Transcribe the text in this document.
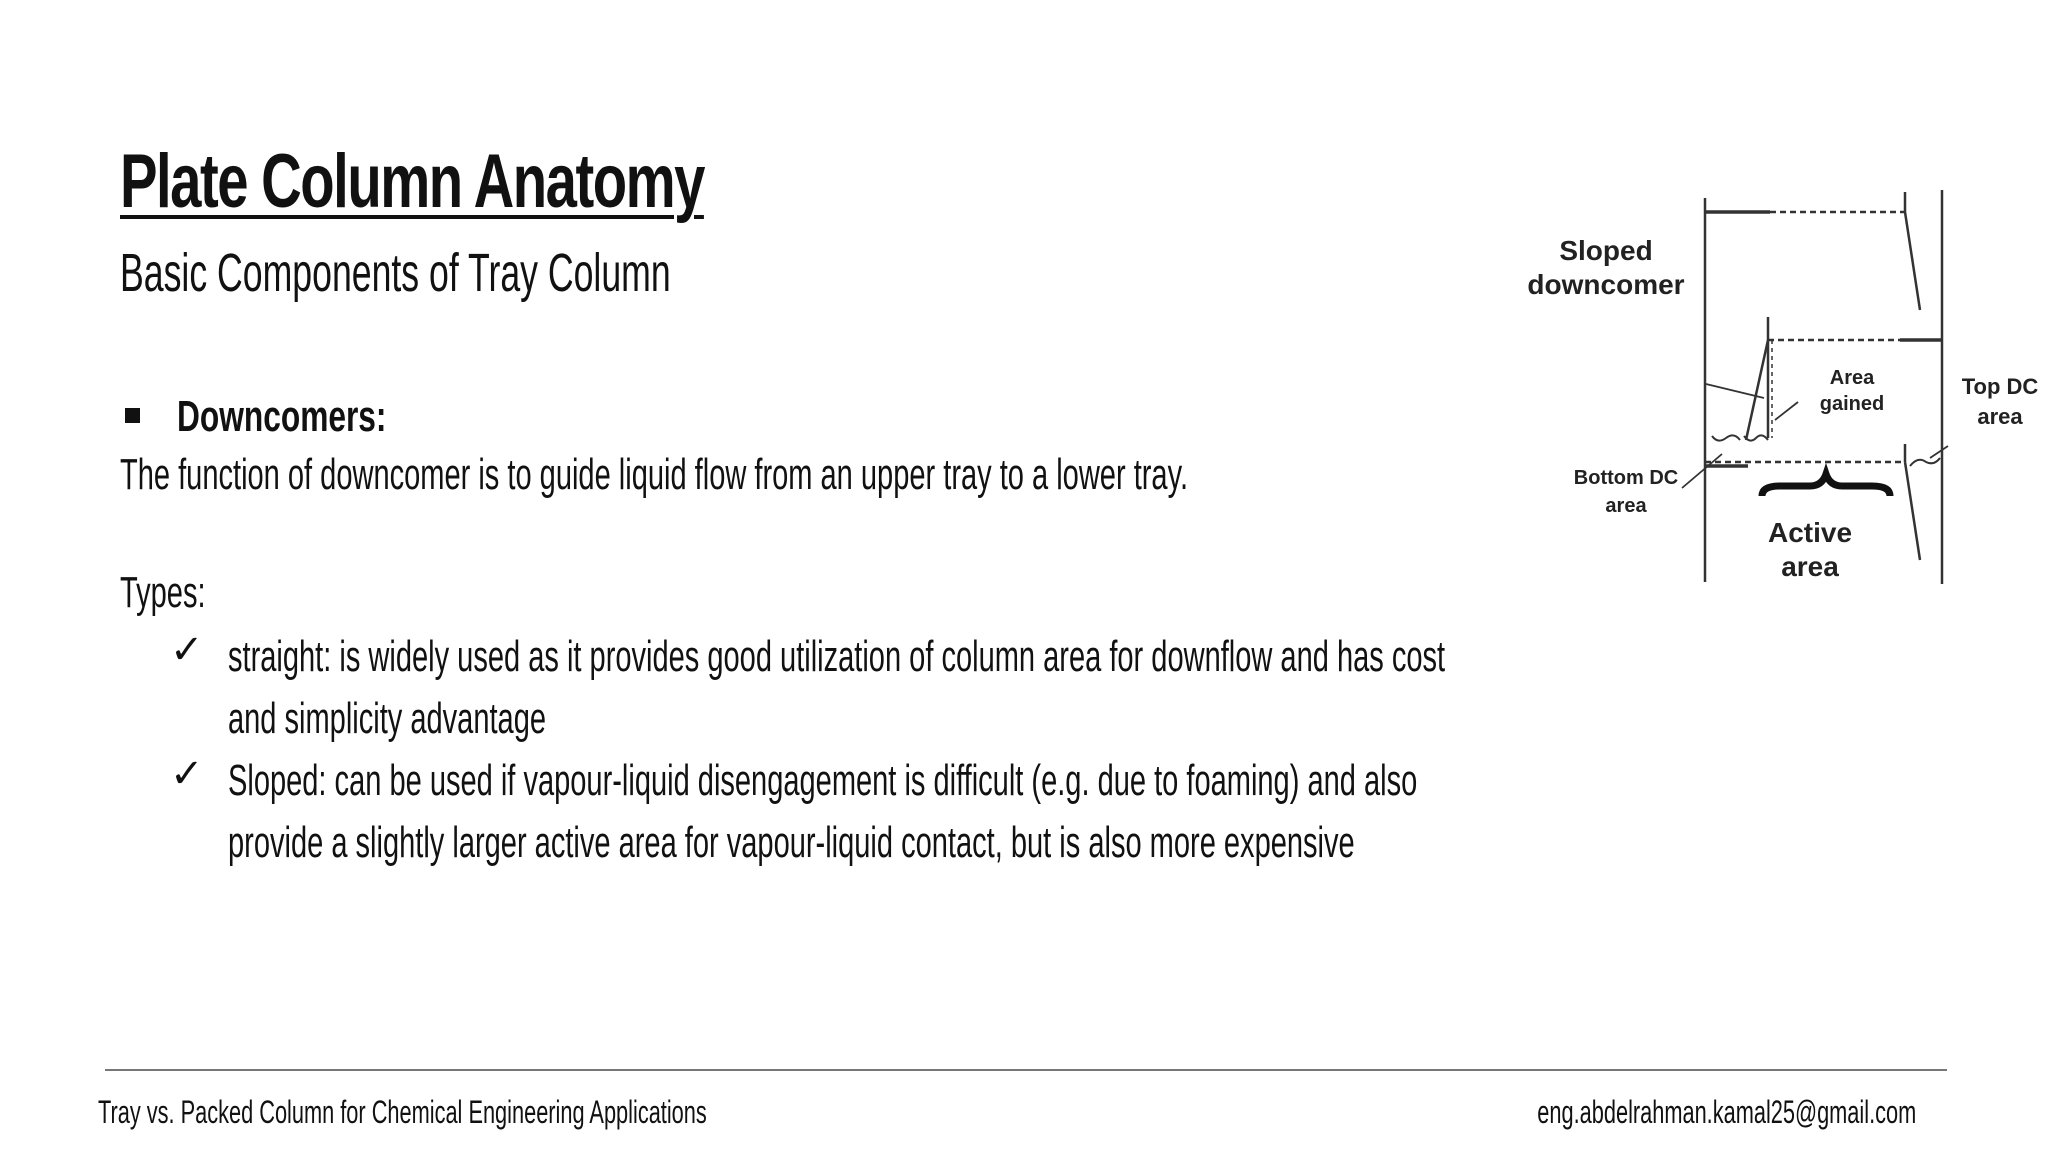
Plate Column Anatomy
Basic Components of Tray Column
Downcomers:

The function of downcomer is to guide liquid flow from an upper tray to a lower tray.

Types:

✓ straight: is widely used as it provides good utilization of column area for downflow and has cost

and simplicity advantage

✓ Sloped: can be used if vapour-liquid disengagement is difficult (e.g. due to foaming) and also

provide a slightly larger active area for vapour-liquid contact, but is also more expensive

Sloped
downcomer
Area
gained
Top DC
area
Bottom DC
area
Active
area

Tray vs. Packed Column for Chemical Engineering Applications	eng.abdelrahman.kamal25@gmail.com
